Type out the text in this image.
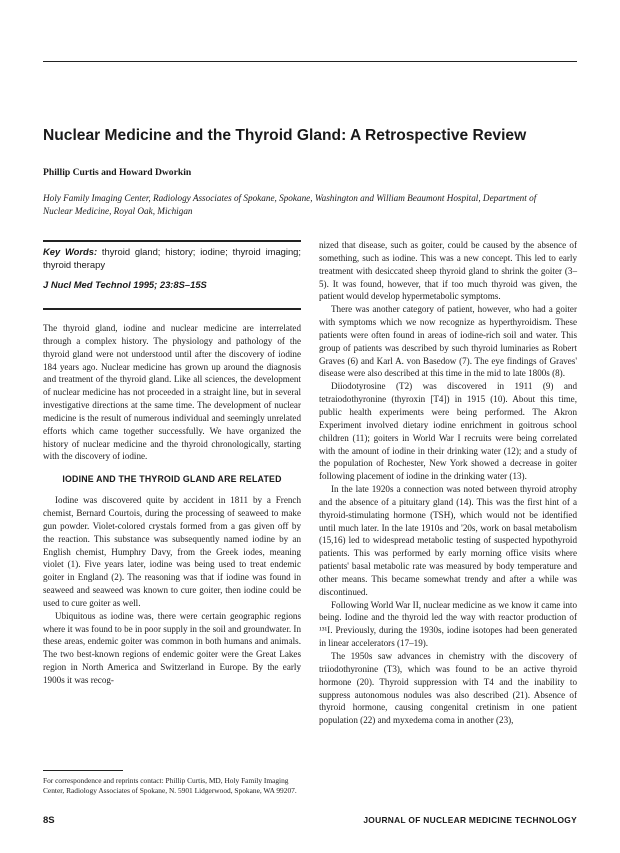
Nuclear Medicine and the Thyroid Gland: A Retrospective Review
Phillip Curtis and Howard Dworkin
Holy Family Imaging Center, Radiology Associates of Spokane, Spokane, Washington and William Beaumont Hospital, Department of Nuclear Medicine, Royal Oak, Michigan
Key Words: thyroid gland; history; iodine; thyroid imaging; thyroid therapy
J Nucl Med Technol 1995; 23:8S–15S

The thyroid gland, iodine and nuclear medicine are interrelated through a complex history. The physiology and pathology of the thyroid gland were not understood until after the discovery of iodine 184 years ago. Nuclear medicine has grown up around the diagnosis and treatment of the thyroid gland. Like all sciences, the development of nuclear medicine has not proceeded in a straight line, but in several investigative directions at the same time. The development of nuclear medicine is the result of numerous individual and seemingly unrelated efforts which came together successfully. We have organized the history of nuclear medicine and the thyroid chronologically, starting with the discovery of iodine.

IODINE AND THE THYROID GLAND ARE RELATED

Iodine was discovered quite by accident in 1811 by a French chemist, Bernard Courtois, during the processing of seaweed to make gun powder. Violet-colored crystals formed from a gas given off by the reaction. This substance was subsequently named iodine by an English chemist, Humphry Davy, from the Greek iodes, meaning violet (1). Five years later, iodine was being used to treat endemic goiter in England (2). The reasoning was that if iodine was found in seaweed and seaweed was known to cure goiter, then iodine could be used to cure goiter as well.

Ubiquitous as iodine was, there were certain geographic regions where it was found to be in poor supply in the soil and groundwater. In these areas, endemic goiter was common in both humans and animals. The two best-known regions of endemic goiter were the Great Lakes region in North America and Switzerland in Europe. By the early 1900s it was recog-

For correspondence and reprints contact: Phillip Curtis, MD, Holy Family Imaging Center, Radiology Associates of Spokane, N. 5901 Lidgerwood, Spokane, WA 99207.

nized that disease, such as goiter, could be caused by the absence of something, such as iodine. This was a new concept. This led to early treatment with desiccated sheep thyroid gland to shrink the goiter (3–5). It was found, however, that if too much thyroid was given, the patient would develop hypermetabolic symptoms.

There was another category of patient, however, who had a goiter with symptoms which we now recognize as hyperthyroidism. These patients were often found in areas of iodine-rich soil and water. This group of patients was described by such thyroid luminaries as Robert Graves (6) and Karl A. von Basedow (7). The eye findings of Graves' disease were also described at this time in the mid to late 1800s (8).

Diiodotyrosine (T2) was discovered in 1911 (9) and tetraiodothyronine (thyroxin [T4]) in 1915 (10). About this time, public health experiments were being performed. The Akron Experiment involved dietary iodine enrichment in goitrous school children (11); goiters in World War I recruits were being correlated with the amount of iodine in their drinking water (12); and a study of the population of Rochester, New York showed a decrease in goiter following placement of iodine in the drinking water (13).

In the late 1920s a connection was noted between thyroid atrophy and the absence of a pituitary gland (14). This was the first hint of a thyroid-stimulating hormone (TSH), which would not be identified until much later. In the late 1910s and '20s, work on basal metabolism (15,16) led to widespread metabolic testing of suspected hypothyroid patients. This was performed by early morning office visits where patients' basal metabolic rate was measured by body temperature and other means. This became somewhat trendy and after a while was discontinued.

Following World War II, nuclear medicine as we know it came into being. Iodine and the thyroid led the way with reactor production of ¹³¹I. Previously, during the 1930s, iodine isotopes had been generated in linear accelerators (17–19).

The 1950s saw advances in chemistry with the discovery of triiodothyronine (T3), which was found to be an active thyroid hormone (20). Thyroid suppression with T4 and the inability to suppress autonomous nodules was also described (21). Absence of thyroid hormone, causing congenital cretinism in one patient population (22) and myxedema coma in another (23),

8S	JOURNAL OF NUCLEAR MEDICINE TECHNOLOGY
